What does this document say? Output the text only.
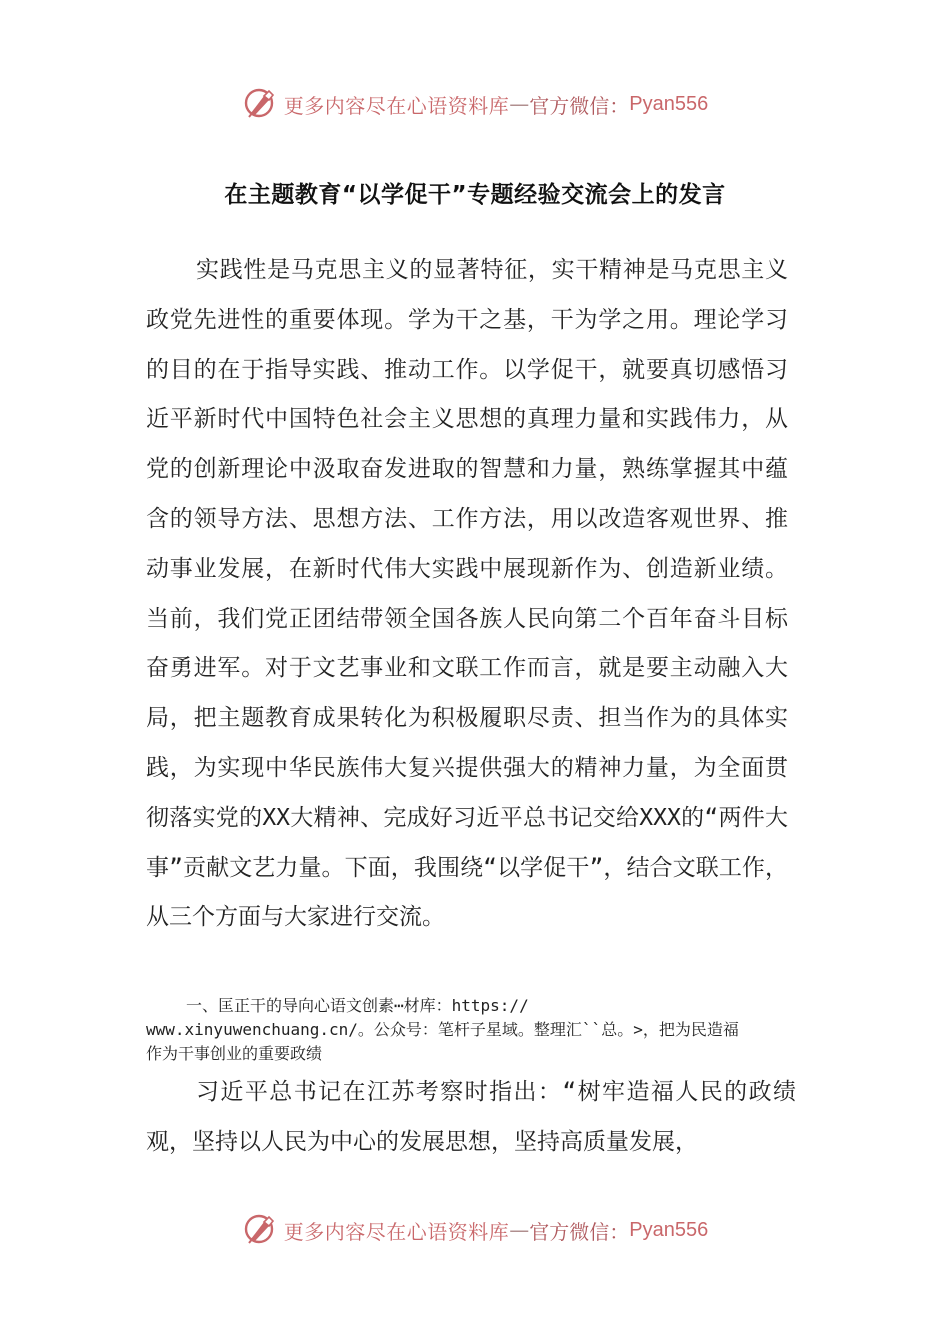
更多内容尽在心语资料库 — 官方微信： Pyan556
在主题教育“以学促干”专题经验交流会上的发言

实践性是马克思主义的显著特征，实干精神是马克思主义政党先进性的重要体现。学为干之基，干为学之用。理论学习的目的在于指导实践、推动工作。以学促干，就要真切感悟习近平新时代中国特色社会主义思想的真理力量和实践伟力，从党的创新理论中汲取奋发进取的智慧和力量，熟练掌握其中蕴含的领导方法、思想方法、工作方法，用以改造客观世界、推动事业发展，在新时代伟大实践中展现新作为、创造新业绩。当前，我们党正团结带领全国各族人民向第二个百年奋斗目标奋勇进军。对于文艺事业和文联工作而言，就是要主动融入大局，把主题教育成果转化为积极履职尽责、担当作为的具体实践，为实现中华民族伟大复兴提供强大的精神力量，为全面贯彻落实党的XX大精神、完成好习近平总书记交给XXX的“两件大事”贡献文艺力量。下面，我围绕“以学促干”，结合文联工作，从三个方面与大家进行交流。

一、匡正干的导向心语文创素⋯材库：https://
www.xinyuwenchuang.cn/。公众号：笔杆子星域。整理汇``总。>，把为民造福
作为干事创业的重要政绩

习近平总书记在江苏考察时指出：“树牢造福人民的政绩观，坚持以人民为中心的发展思想，坚持高质量发展，

更多内容尽在心语资料库 — 官方微信： Pyan556
